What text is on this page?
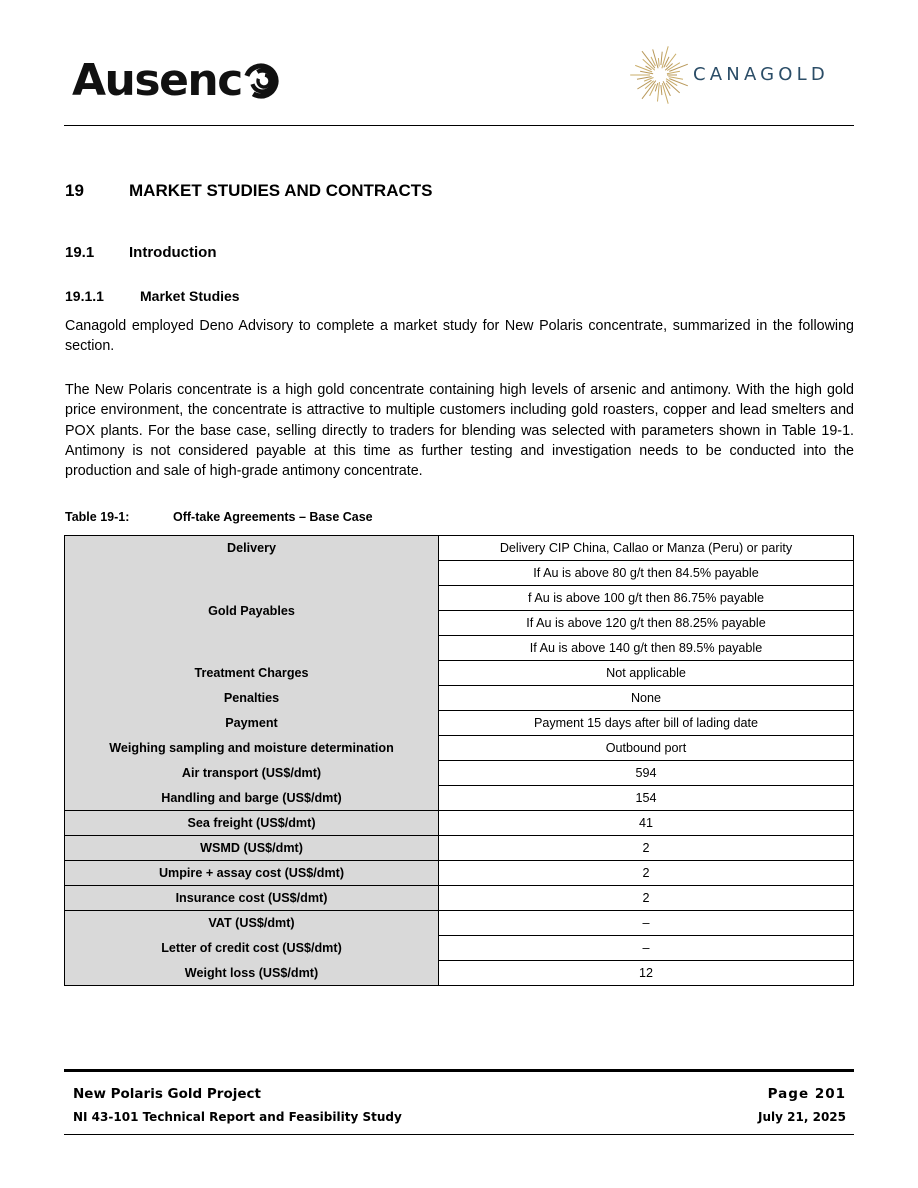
Ausenc	CANAGOLD
19	MARKET STUDIES AND CONTRACTS
19.1 Introduction
19.1.1	Market Studies

Canagold employed Deno Advisory to complete a market study for New Polaris concentrate, summarized in the following section.

The New Polaris concentrate is a high gold concentrate containing high levels of arsenic and antimony. With the high gold price environment, the concentrate is attractive to multiple customers including gold roasters, copper and lead smelters and POX plants. For the base case, selling directly to traders for blending was selected with parameters shown in Table 19-1. Antimony is not considered payable at this time as further testing and investigation needs to be conducted into the production and sale of high-grade antimony concentrate.

Table 19-1:	Off-take Agreements – Base Case
Delivery	Delivery CIP China, Callao or Manza (Peru) or parity
Gold Payables	If Au is above 80 g/t then 84.5% payable
	f Au is above 100 g/t then 86.75% payable
	If Au is above 120 g/t then 88.25% payable
	If Au is above 140 g/t then 89.5% payable
Treatment Charges	Not applicable
Penalties	None
Payment	Payment 15 days after bill of lading date
Weighing sampling and moisture determination	Outbound port
Air transport (US$/dmt)	594
Handling and barge (US$/dmt)	154
Sea freight (US$/dmt)	41
WSMD (US$/dmt)	2
Umpire + assay cost (US$/dmt)	2
Insurance cost (US$/dmt)	2
VAT (US$/dmt)	–
Letter of credit cost (US$/dmt)	–
Weight loss (US$/dmt)	12
New Polaris Gold Project
NI 43-101 Technical Report and Feasibility Study
Page 201
July 21, 2025
